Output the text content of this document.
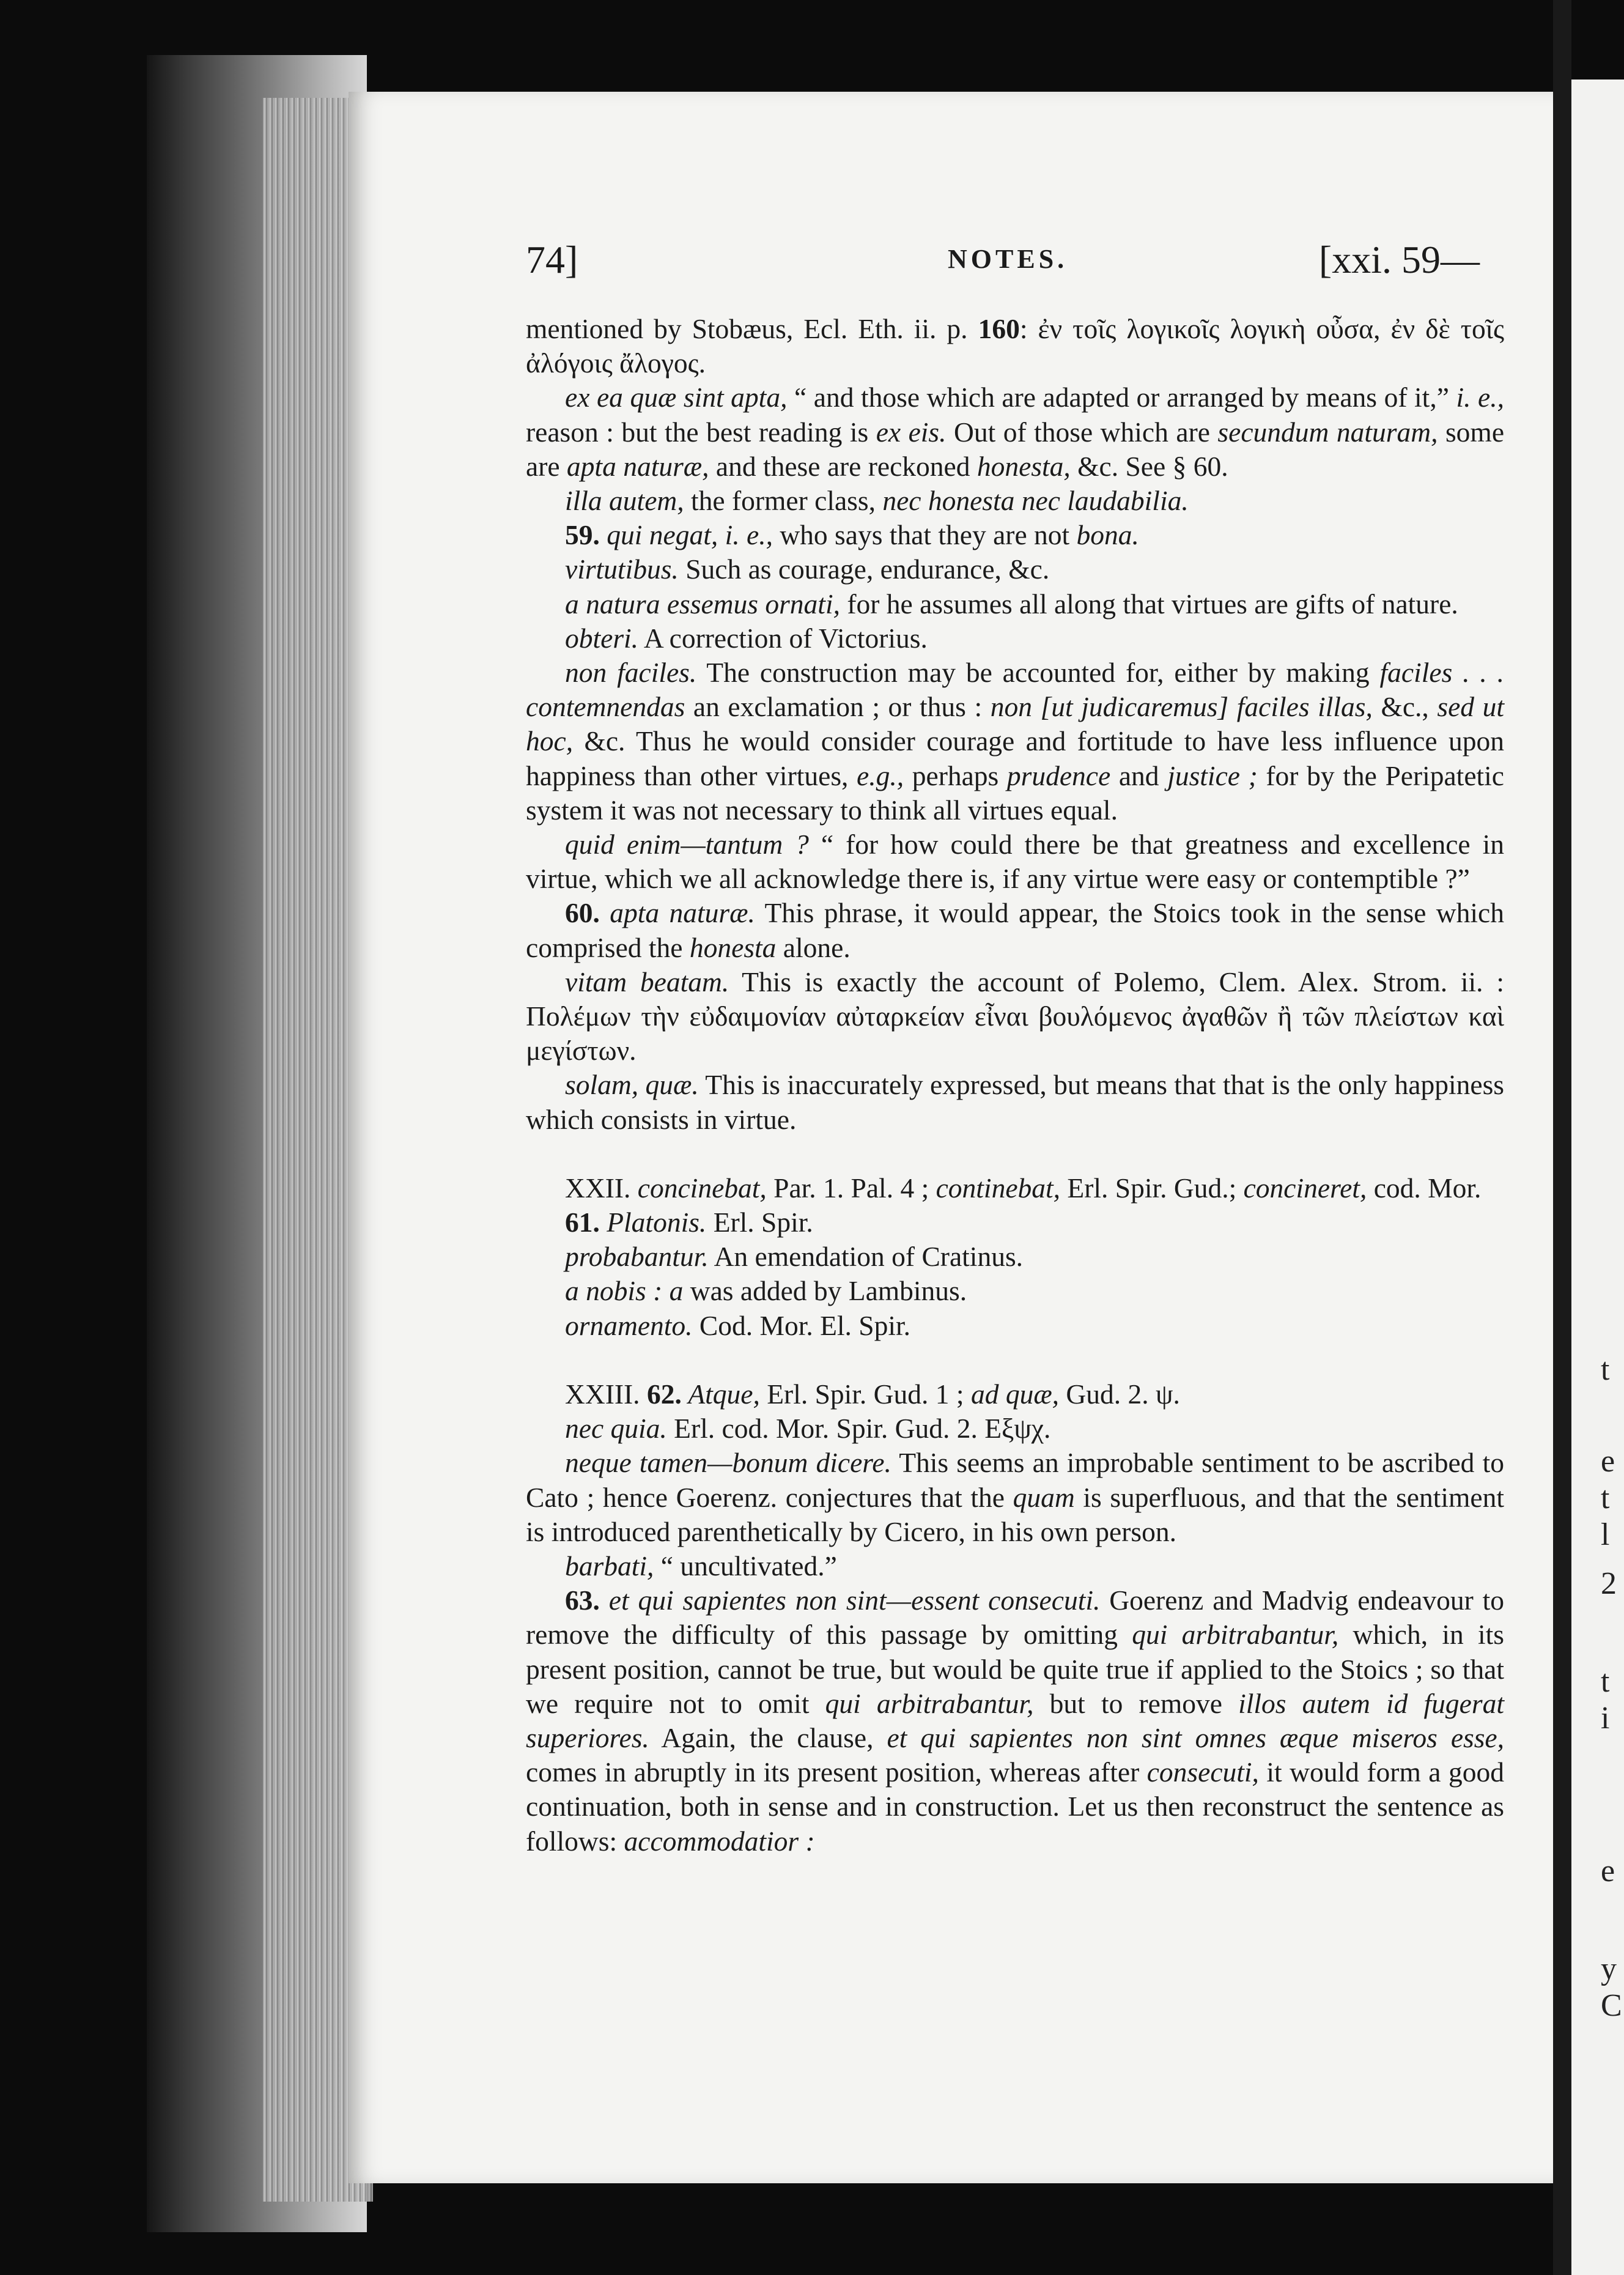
74]	NOTES.	[xxi. 59—

mentioned by Stobæus, Ecl. Eth. ii. p. 160: ἐν τοῖς λογικοῖς λογικὴ οὖσα, ἐν δὲ τοῖς ἀλόγοις ἄλογος.

ex ea quæ sint apta, “ and those which are adapted or arranged by means of it,” i. e., reason : but the best reading is ex eis. Out of those which are secundum naturam, some are apta naturæ, and these are reckoned honesta, &c. See § 60.

illa autem, the former class, nec honesta nec laudabilia.

59. qui negat, i. e., who says that they are not bona.

virtutibus. Such as courage, endurance, &c.

a natura essemus ornati, for he assumes all along that virtues are gifts of nature.

obteri. A correction of Victorius.

non faciles. The construction may be accounted for, either by making faciles . . . contemnendas an exclamation ; or thus : non [ut judicaremus] faciles illas, &c., sed ut hoc, &c. Thus he would consider courage and fortitude to have less influence upon happiness than other virtues, e.g., perhaps prudence and justice ; for by the Peripatetic system it was not necessary to think all virtues equal.

quid enim—tantum ? “ for how could there be that greatness and excellence in virtue, which we all acknowledge there is, if any virtue were easy or contemptible ?”

60. apta naturæ. This phrase, it would appear, the Stoics took in the sense which comprised the honesta alone.

vitam beatam. This is exactly the account of Polemo, Clem. Alex. Strom. ii. : Πολέμων τὴν εὐδαιμονίαν αὐταρκείαν εἶναι βουλόμενος ἀγαθῶν ἢ τῶν πλείστων καὶ μεγίστων.

solam, quæ. This is inaccurately expressed, but means that that is the only happiness which consists in virtue.

XXII. concinebat, Par. 1. Pal. 4 ; continebat, Erl. Spir. Gud.; concineret, cod. Mor.

61. Platonis. Erl. Spir.

probabantur. An emendation of Cratinus.

a nobis : a was added by Lambinus.

ornamento. Cod. Mor. El. Spir.

XXIII. 62. Atque, Erl. Spir. Gud. 1 ; ad quæ, Gud. 2. ψ.

nec quia. Erl. cod. Mor. Spir. Gud. 2. Eξψχ.

neque tamen—bonum dicere. This seems an improbable sentiment to be ascribed to Cato ; hence Goerenz. conjectures that the quam is superfluous, and that the sentiment is introduced parenthetically by Cicero, in his own person.

barbati, “ uncultivated.”

63. et qui sapientes non sint—essent consecuti. Goerenz and Madvig endeavour to remove the difficulty of this passage by omitting qui arbitrabantur, which, in its present position, cannot be true, but would be quite true if applied to the Stoics ; so that we require not to omit qui arbitrabantur, but to remove illos autem id fugerat superiores. Again, the clause, et qui sapientes non sint omnes æque miseros esse, comes in abruptly in its present position, whereas after consecuti, it would form a good continuation, both in sense and in construction. Let us then reconstruct the sentence as follows: accommodatior :

t
e
t
l
2
t
i
e
y
C
